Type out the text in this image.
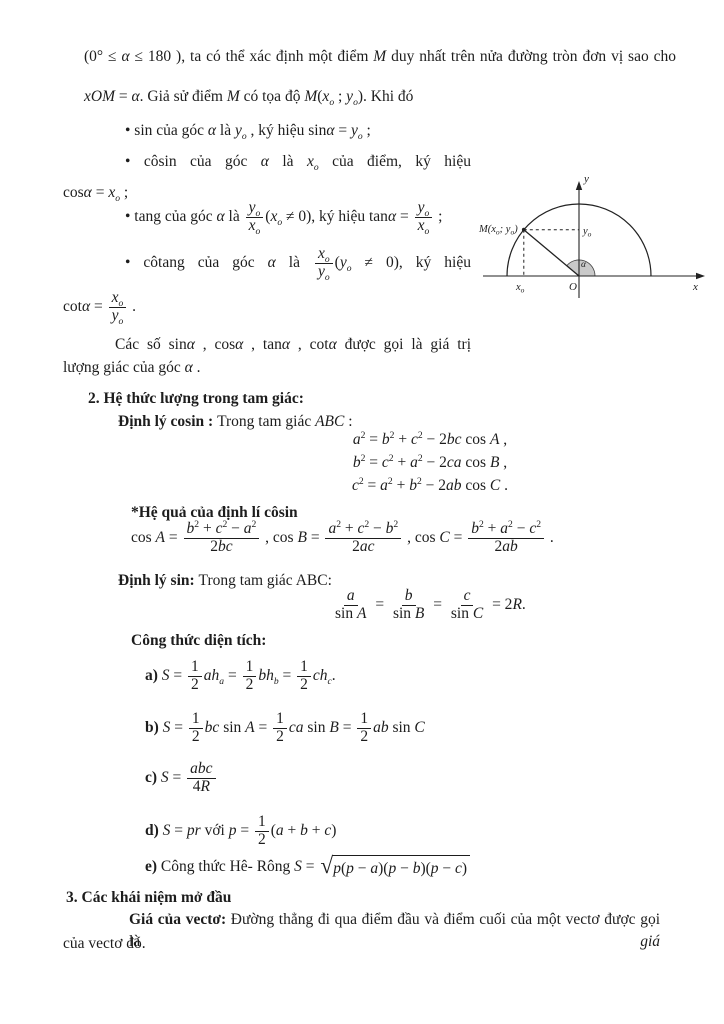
(0° ≤ α ≤ 180 ), ta có thể xác định một điểm M duy nhất trên nửa đường tròn đơn vị sao cho
xOM = α. Giả sử điểm M có tọa độ $M(x_o$ ; $y_o$). Khi đó
• sin của góc α là $y_o$ , ký hiệu $\sin\alpha = y_o$ ;
• côsin của góc α là $x_o$ của điểm, ký hiệu
$\cos\alpha = x_o$ ;
• tang của góc α là $\frac{y_o}{x_o} (x_o \ne 0)$, ký hiệu $\tan\alpha = \frac{y_o}{x_o}$ ;
• côtang của góc α là $\frac{x_o}{y_o} (y_o \ne 0)$, ký hiệu
$\cot\alpha = \frac{x_o}{y_o}$ .
Các số sinα , cosα , tanα , cotα được gọi là giá trị
lượng giác của góc α .
2. Hệ thức lượng trong tam giác:
Định lý cosin : Trong tam giác ABC :
$a^2 = b^2 + c^2 - 2bc$ cos A ,
$b^2 = c^2 + a^2 - 2ca$ cos B ,
$c^2 = a^2 + b^2 - 2ab$ cos C .
*Hệ quả của định lí côsin
$\cos A = \frac{b^2 + c^2 - a^2}{2bc}$ , $\cos B = \frac{a^2 + c^2 - b^2}{2ac}$ , $\cos C = \frac{b^2 + a^2 - c^2}{2ab}$ .
Định lý sin: Trong tam giác ABC:
$\frac{a}{\text{sin A}} = \frac{b}{\text{sin B}} = \frac{c}{\text{sin C}} = 2R$.
Công thức diện tích:
a) $S = \frac{1}{2} ah_a = \frac{1}{2} bh_b = \frac{1}{2} ch_c$.
b) $S = \frac{1}{2}$ bc $\sin A = \frac{1}{2}$ ca $\sin B = \frac{1}{2}$ ab sin C
c) $S = \frac{\text{abc}}{4R}$
d) S = pr với $p = \frac{1}{2} (a + b + c)$
e) Công thức Hê- Rông S = √ p(p − a)(p − b)(p − c)
3. Các khái niệm mở đầu
Giá của vectơ: Đường thẳng đi qua điểm đầu và điểm cuối của một vectơ được gọi là giá
của vectơ đó.
y
x
O
α
$M(x_o$; $y_o$)	$y_o$
$x_o$
